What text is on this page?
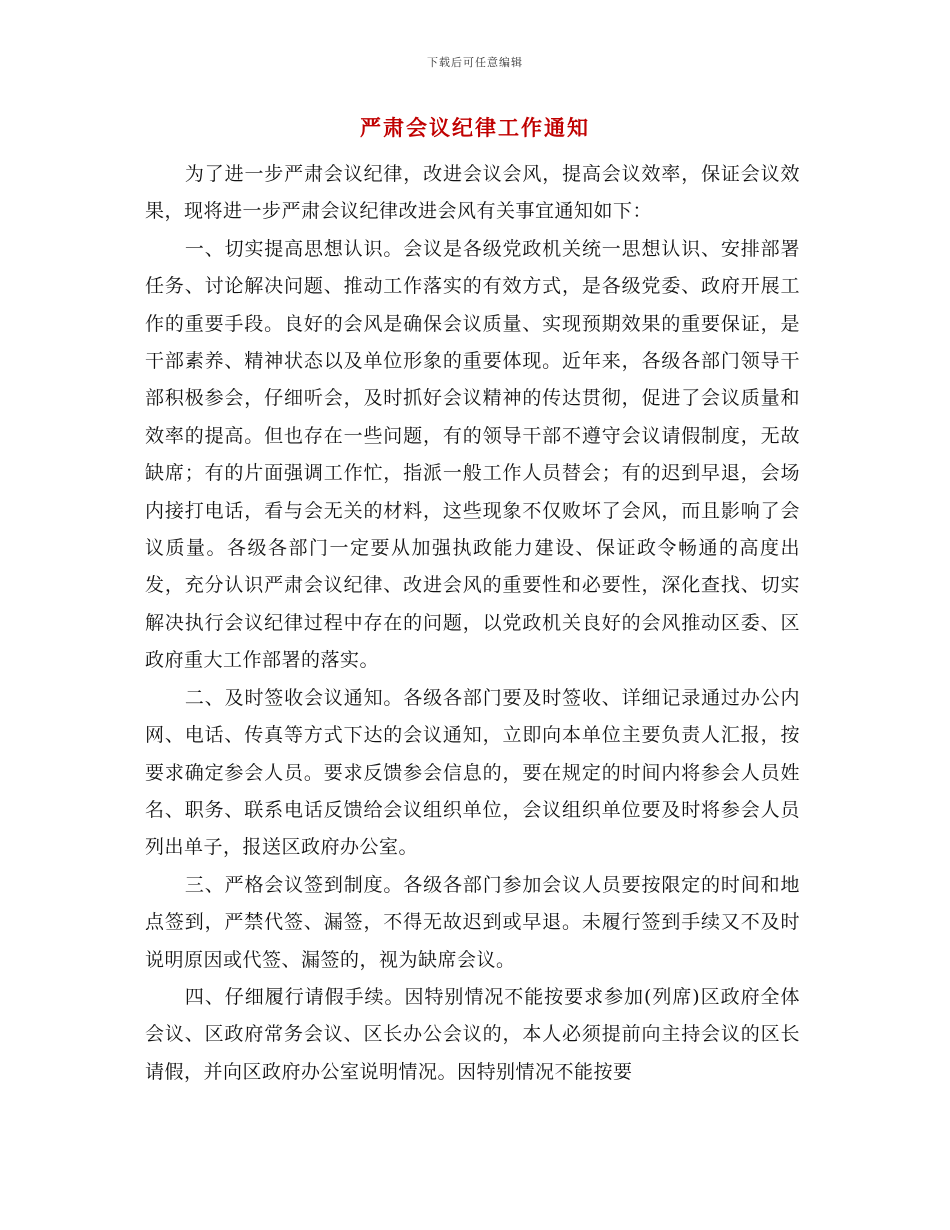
下载后可任意编辑
严肃会议纪律工作通知

为了进一步严肃会议纪律，改进会议会风，提高会议效率，保证会议效果，现将进一步严肃会议纪律改进会风有关事宜通知如下：

一、切实提高思想认识。会议是各级党政机关统一思想认识、安排部署任务、讨论解决问题、推动工作落实的有效方式，是各级党委、政府开展工作的重要手段。良好的会风是确保会议质量、实现预期效果的重要保证，是干部素养、精神状态以及单位形象的重要体现。近年来，各级各部门领导干部积极参会，仔细听会，及时抓好会议精神的传达贯彻，促进了会议质量和效率的提高。但也存在一些问题，有的领导干部不遵守会议请假制度，无故缺席；有的片面强调工作忙，指派一般工作人员替会；有的迟到早退，会场内接打电话，看与会无关的材料，这些现象不仅败坏了会风，而且影响了会议质量。各级各部门一定要从加强执政能力建设、保证政令畅通的高度出发，充分认识严肃会议纪律、改进会风的重要性和必要性，深化查找、切实解决执行会议纪律过程中存在的问题，以党政机关良好的会风推动区委、区政府重大工作部署的落实。

二、及时签收会议通知。各级各部门要及时签收、详细记录通过办公内网、电话、传真等方式下达的会议通知，立即向本单位主要负责人汇报，按要求确定参会人员。要求反馈参会信息的，要在规定的时间内将参会人员姓名、职务、联系电话反馈给会议组织单位，会议组织单位要及时将参会人员列出单子，报送区政府办公室。

三、严格会议签到制度。各级各部门参加会议人员要按限定的时间和地点签到，严禁代签、漏签，不得无故迟到或早退。未履行签到手续又不及时说明原因或代签、漏签的，视为缺席会议。

四、仔细履行请假手续。因特别情况不能按要求参加(列席)区政府全体会议、区政府常务会议、区长办公会议的，本人必须提前向主持会议的区长请假，并向区政府办公室说明情况。因特别情况不能按要
